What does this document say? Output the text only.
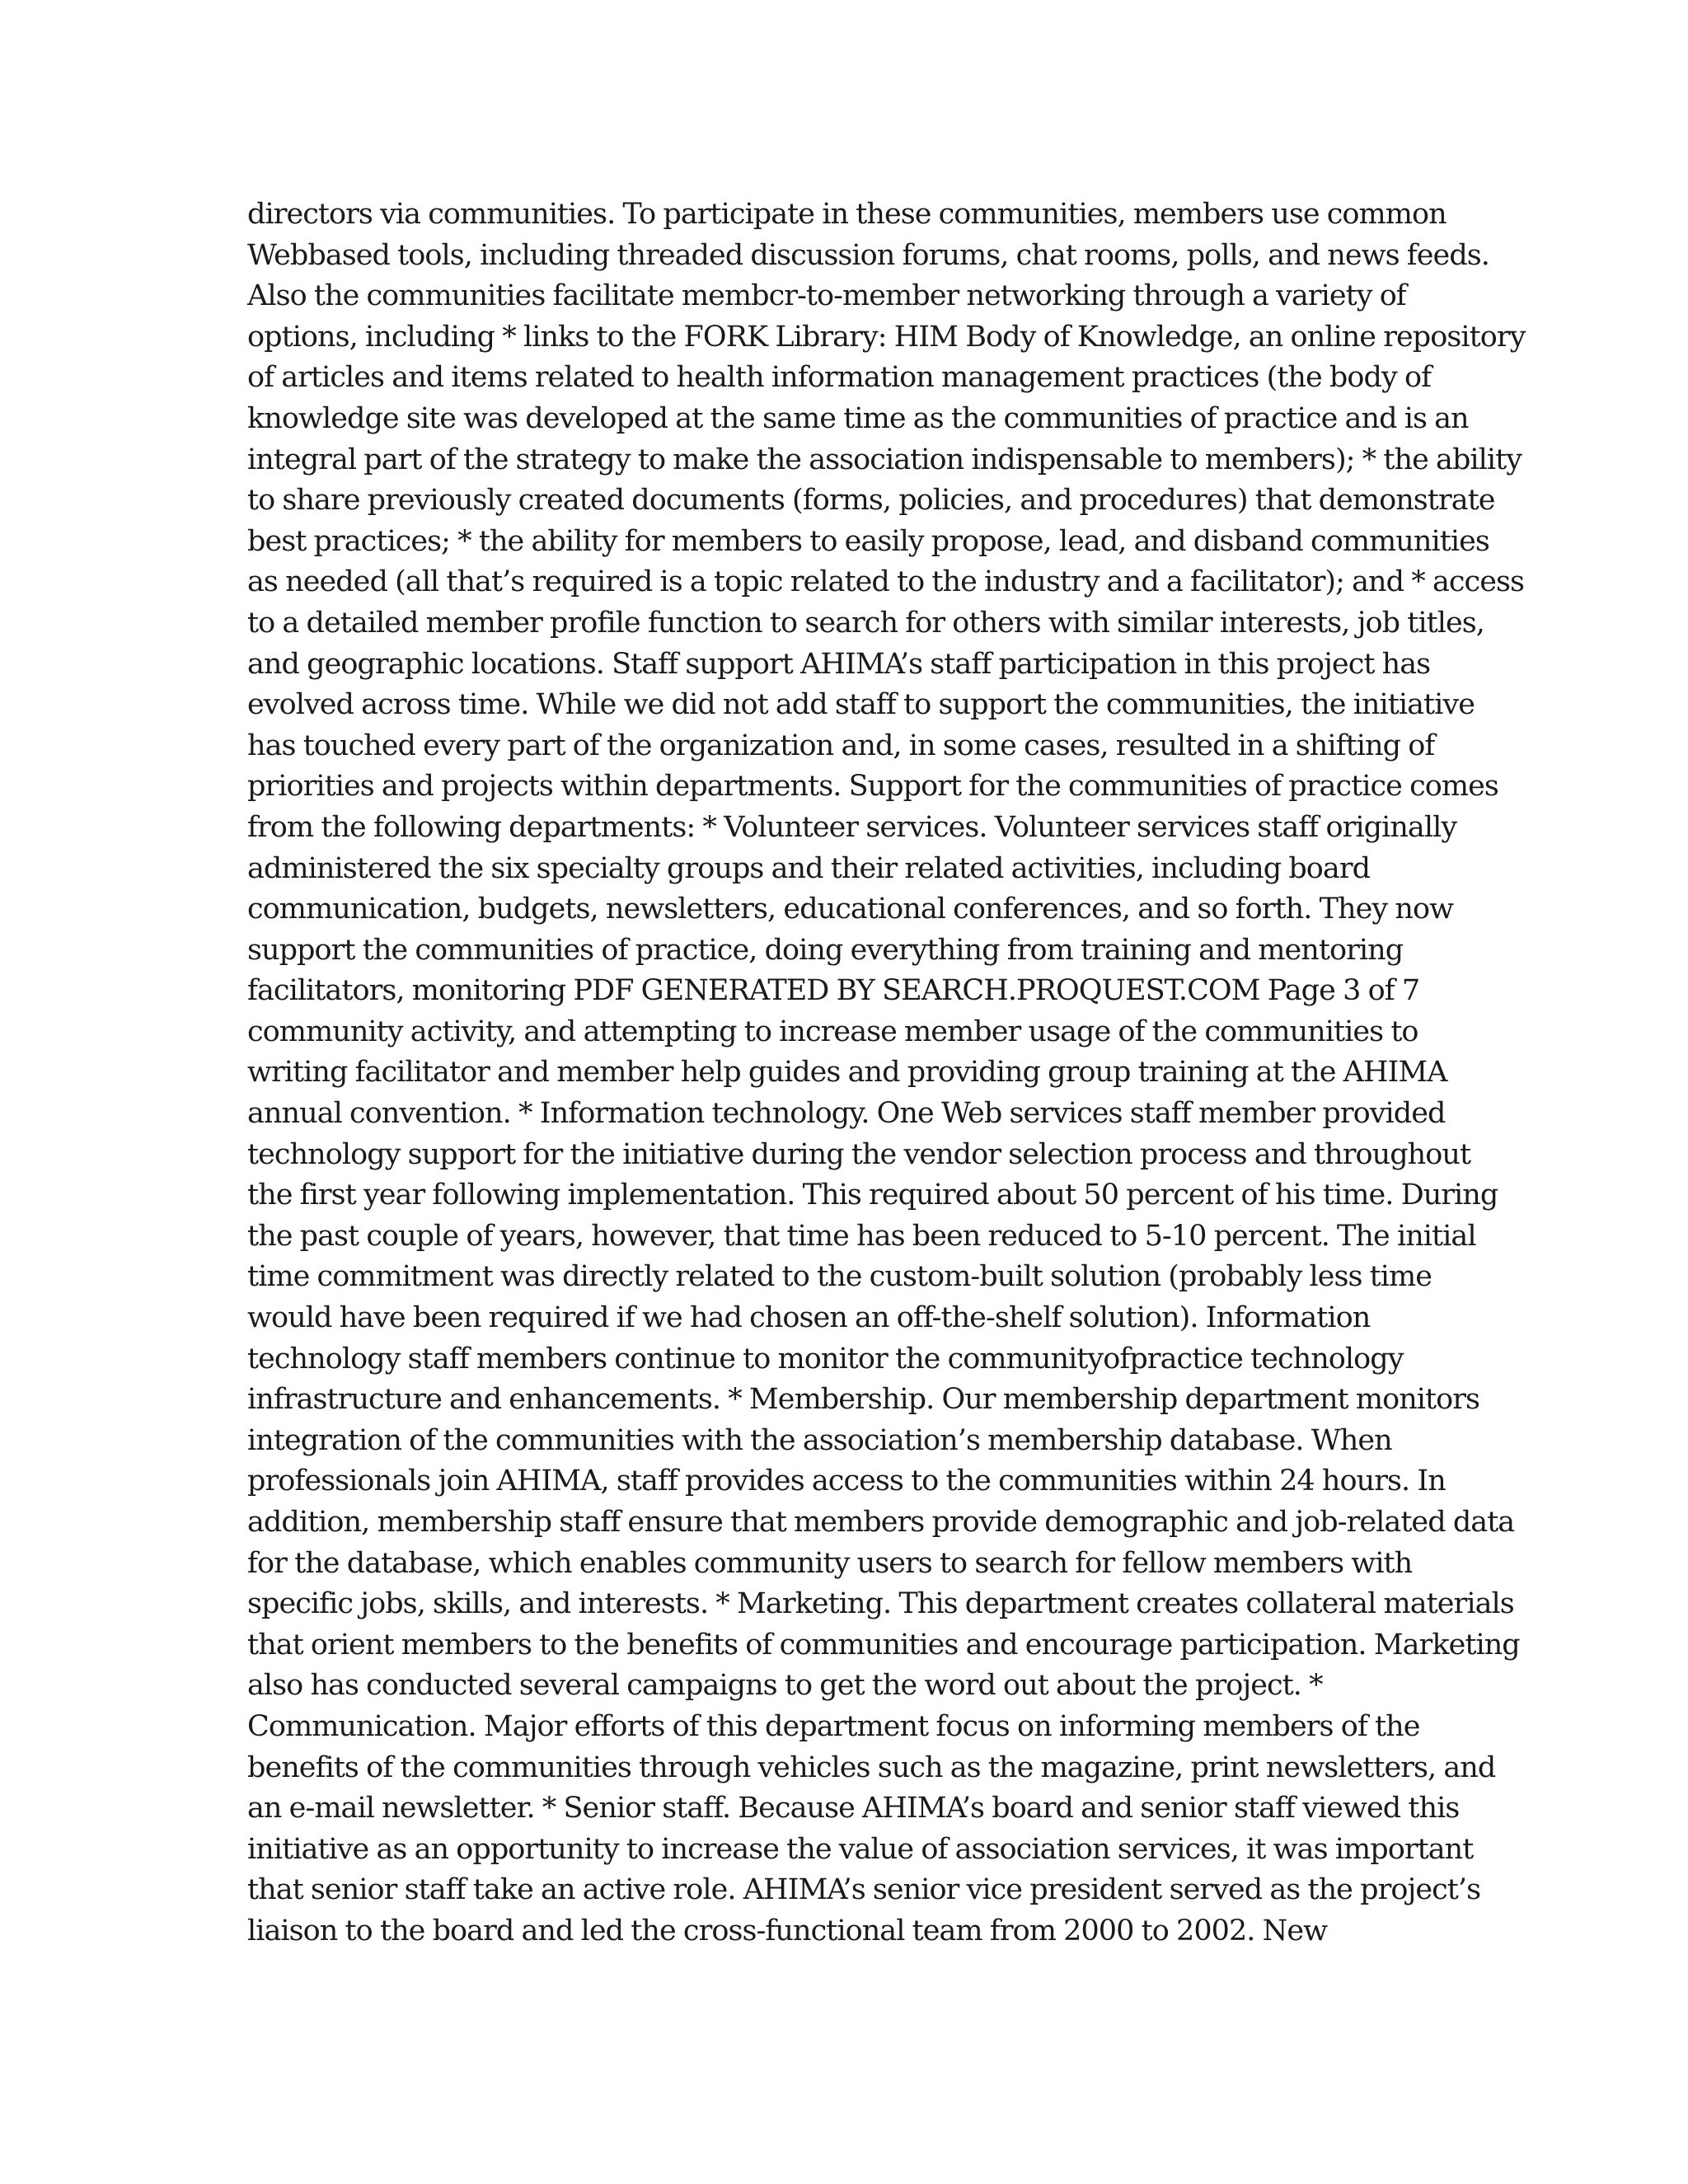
directors via communities. To participate in these communities, members use common
Webbased tools, including threaded discussion forums, chat rooms, polls, and news feeds.
Also the communities facilitate membcr-to-member networking through a variety of
options, including * links to the FORK Library: HIM Body of Knowledge, an online repository
of articles and items related to health information management practices (the body of
knowledge site was developed at the same time as the communities of practice and is an
integral part of the strategy to make the association indispensable to members); * the ability
to share previously created documents (forms, policies, and procedures) that demonstrate
best practices; * the ability for members to easily propose, lead, and disband communities
as needed (all that’s required is a topic related to the industry and a facilitator); and * access
to a detailed member profile function to search for others with similar interests, job titles,
and geographic locations. Staff support AHIMA’s staff participation in this project has
evolved across time. While we did not add staff to support the communities, the initiative
has touched every part of the organization and, in some cases, resulted in a shifting of
priorities and projects within departments. Support for the communities of practice comes
from the following departments: * Volunteer services. Volunteer services staff originally
administered the six specialty groups and their related activities, including board
communication, budgets, newsletters, educational conferences, and so forth. They now
support the communities of practice, doing everything from training and mentoring
facilitators, monitoring PDF GENERATED BY SEARCH.PROQUEST.COM Page 3 of 7
community activity, and attempting to increase member usage of the communities to
writing facilitator and member help guides and providing group training at the AHIMA
annual convention. * Information technology. One Web services staff member provided
technology support for the initiative during the vendor selection process and throughout
the first year following implementation. This required about 50 percent of his time. During
the past couple of years, however, that time has been reduced to 5-10 percent. The initial
time commitment was directly related to the custom-built solution (probably less time
would have been required if we had chosen an off-the-shelf solution). Information
technology staff members continue to monitor the communityofpractice technology
infrastructure and enhancements. * Membership. Our membership department monitors
integration of the communities with the association’s membership database. When
professionals join AHIMA, staff provides access to the communities within 24 hours. In
addition, membership staff ensure that members provide demographic and job-related data
for the database, which enables community users to search for fellow members with
specific jobs, skills, and interests. * Marketing. This department creates collateral materials
that orient members to the benefits of communities and encourage participation. Marketing
also has conducted several campaigns to get the word out about the project. *
Communication. Major efforts of this department focus on informing members of the
benefits of the communities through vehicles such as the magazine, print newsletters, and
an e-mail newsletter. * Senior staff. Because AHIMA’s board and senior staff viewed this
initiative as an opportunity to increase the value of association services, it was important
that senior staff take an active role. AHIMA’s senior vice president served as the project’s
liaison to the board and led the cross-functional team from 2000 to 2002. New
